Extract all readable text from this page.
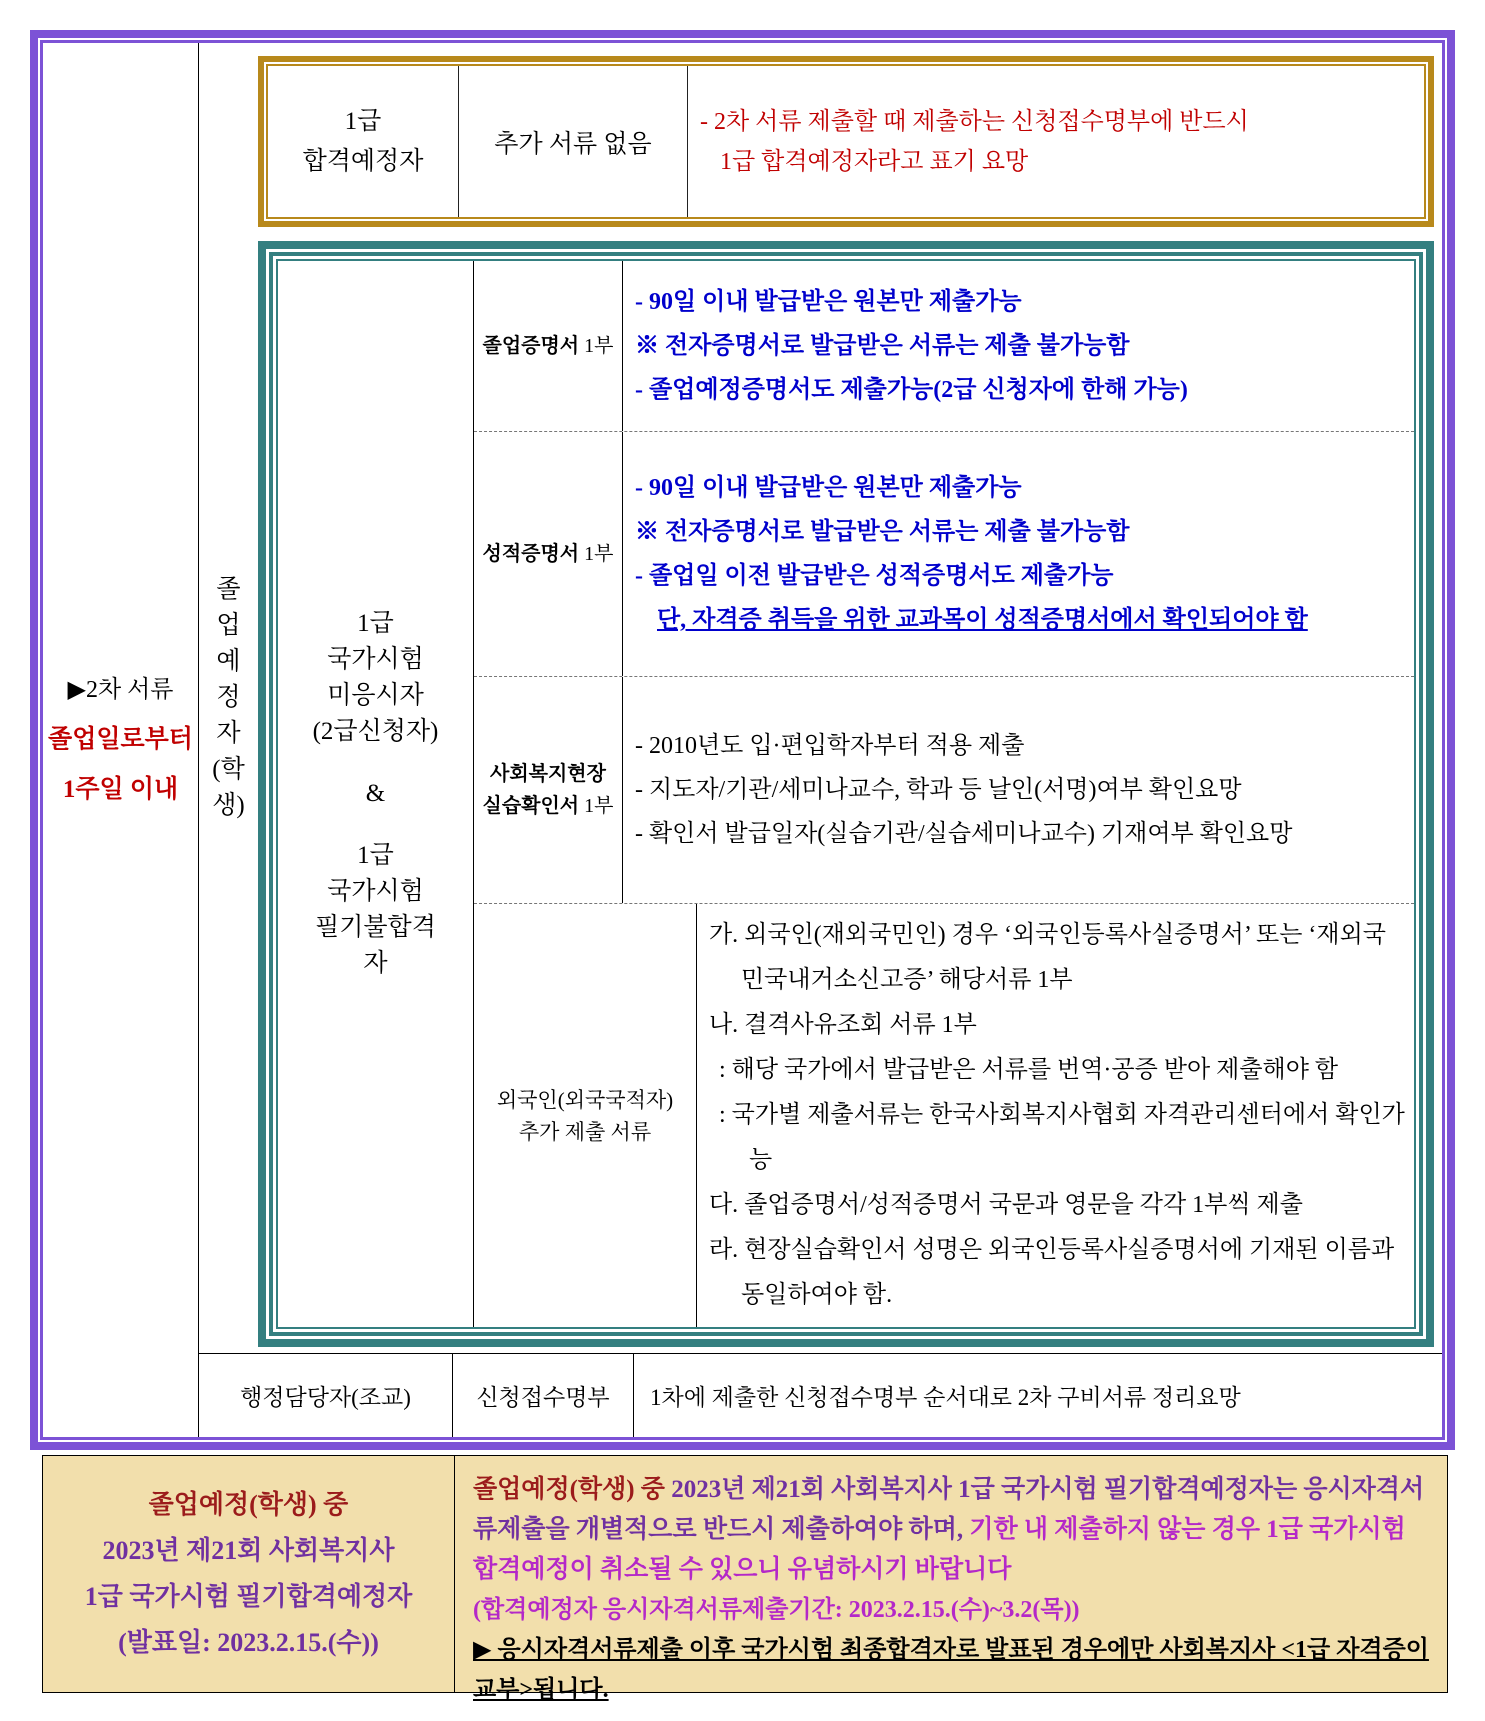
▶2차 서류
졸업일로부터
1주일 이내
졸
업
예
정
자
(학
생)
1급
합격예정자
추가 서류 없음
- 2차 서류 제출할 때 제출하는 신청접수명부에 반드시
1급 합격예정자라고 표기 요망
1급
국가시험
미응시자
(2급신청자)
&
1급
국가시험
필기불합격
자
졸업증명서 1부
- 90일 이내 발급받은 원본만 제출가능
※ 전자증명서로 발급받은 서류는 제출 불가능함
- 졸업예정증명서도 제출가능(2급 신청자에 한해 가능)
성적증명서 1부
- 90일 이내 발급받은 원본만 제출가능
※ 전자증명서로 발급받은 서류는 제출 불가능함
- 졸업일 이전 발급받은 성적증명서도 제출가능
단, 자격증 취득을 위한 교과목이 성적증명서에서 확인되어야 함
사회복지현장
실습확인서 1부
- 2010년도 입·편입학자부터 적용 제출
- 지도자/기관/세미나교수, 학과 등 날인(서명)여부 확인요망
- 확인서 발급일자(실습기관/실습세미나교수) 기재여부 확인요망
외국인(외국국적자)
추가 제출 서류
가. 외국인(재외국민인) 경우 ‘외국인등록사실증명서’ 또는 ‘재외국민국내거소신고증’ 해당서류 1부
나. 결격사유조회 서류 1부
: 해당 국가에서 발급받은 서류를 번역·공증 받아 제출해야 함
: 국가별 제출서류는 한국사회복지사협회 자격관리센터에서 확인가능
다. 졸업증명서/성적증명서 국문과 영문을 각각 1부씩 제출
라. 현장실습확인서 성명은 외국인등록사실증명서에 기재된 이름과 동일하여야 함.
행정담당자(조교)	신청접수명부 1차에 제출한 신청접수명부 순서대로 2차 구비서류 정리요망
졸업예정(학생) 중
2023년 제21회 사회복지사
1급 국가시험 필기합격예정자
(발표일: 2023.2.15.(수))
졸업예정(학생) 중 2023년 제21회 사회복지사 1급 국가시험 필기합격예정자는 응시자격서류제출을 개별적으로 반드시 제출하여야 하며, 기한 내 제출하지 않는 경우 1급 국가시험 합격예정이 취소될 수 있으니 유념하시기 바랍니다
(합격예정자 응시자격서류제출기간: 2023.2.15.(수)~3.2(목))
▶ 응시자격서류제출 이후 국가시험 최종합격자로 발표된 경우에만 사회복지사 <1급 자격증이 교부>됩니다.
